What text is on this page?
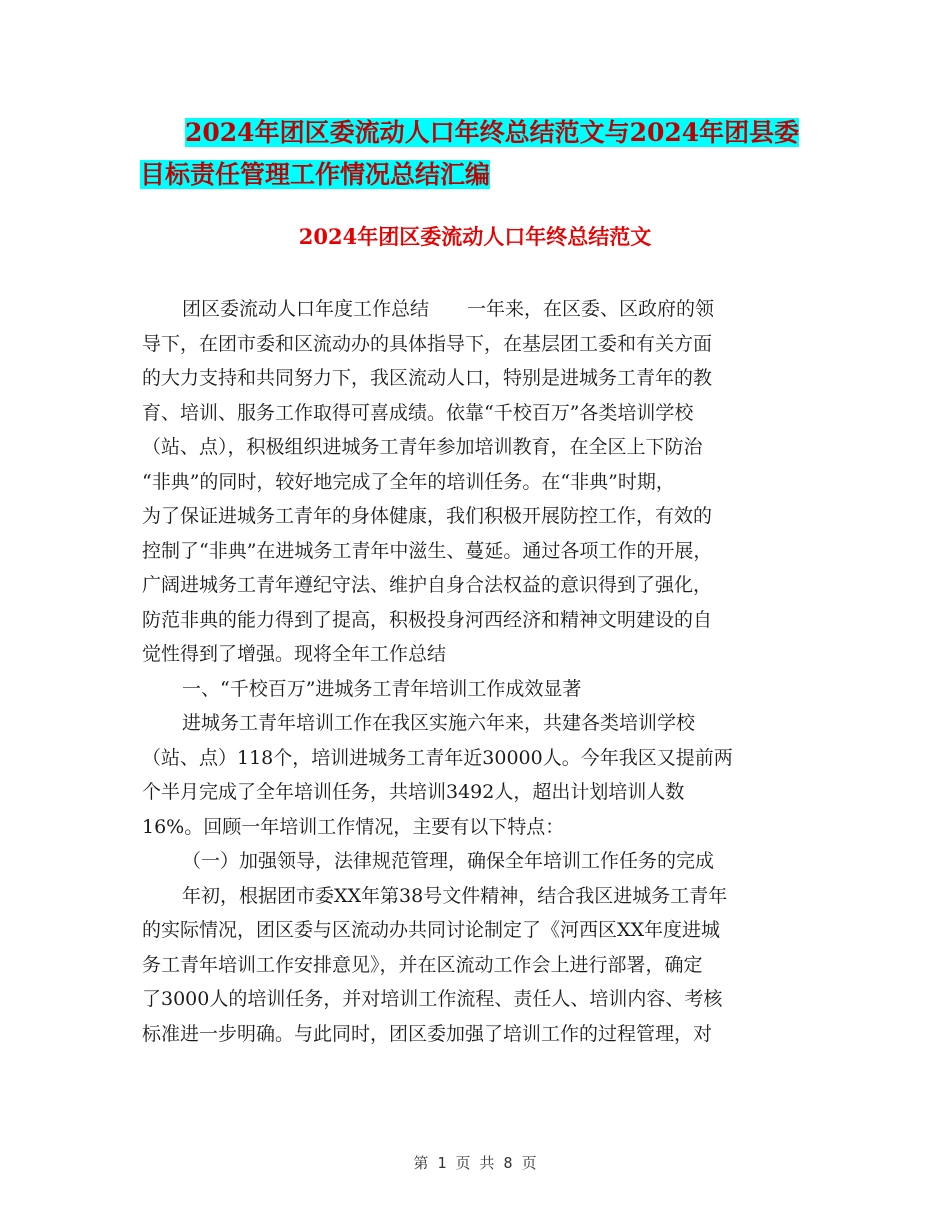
2024年团区委流动人口年终总结范文与2024年团县委
目标责任管理工作情况总结汇编
2024年团区委流动人口年终总结范文

团区委流动人口年度工作总结　　一年来，在区委、区政府的领
导下，在团市委和区流动办的具体指导下，在基层团工委和有关方面
的大力支持和共同努力下，我区流动人口，特别是进城务工青年的教
育、培训、服务工作取得可喜成绩。依靠“千校百万”各类培训学校
（站、点），积极组织进城务工青年参加培训教育，在全区上下防治
“非典”的同时，较好地完成了全年的培训任务。在“非典”时期，
为了保证进城务工青年的身体健康，我们积极开展防控工作，有效的
控制了“非典”在进城务工青年中滋生、蔓延。通过各项工作的开展，
广阔进城务工青年遵纪守法、维护自身合法权益的意识得到了强化，
防范非典的能力得到了提高，积极投身河西经济和精神文明建设的自
觉性得到了增强。现将全年工作总结

一、“千校百万”进城务工青年培训工作成效显著

进城务工青年培训工作在我区实施六年来，共建各类培训学校
（站、点）118个，培训进城务工青年近30000人。今年我区又提前两
个半月完成了全年培训任务，共培训3492人，超出计划培训人数
16%。回顾一年培训工作情况，主要有以下特点：

（一）加强领导，法律规范管理，确保全年培训工作任务的完成

年初，根据团市委XX年第38号文件精神，结合我区进城务工青年
的实际情况，团区委与区流动办共同讨论制定了《河西区XX年度进城
务工青年培训工作安排意见》，并在区流动工作会上进行部署，确定
了3000人的培训任务，并对培训工作流程、责任人、培训内容、考核
标准进一步明确。与此同时，团区委加强了培训工作的过程管理，对

第 1 页 共 8 页
